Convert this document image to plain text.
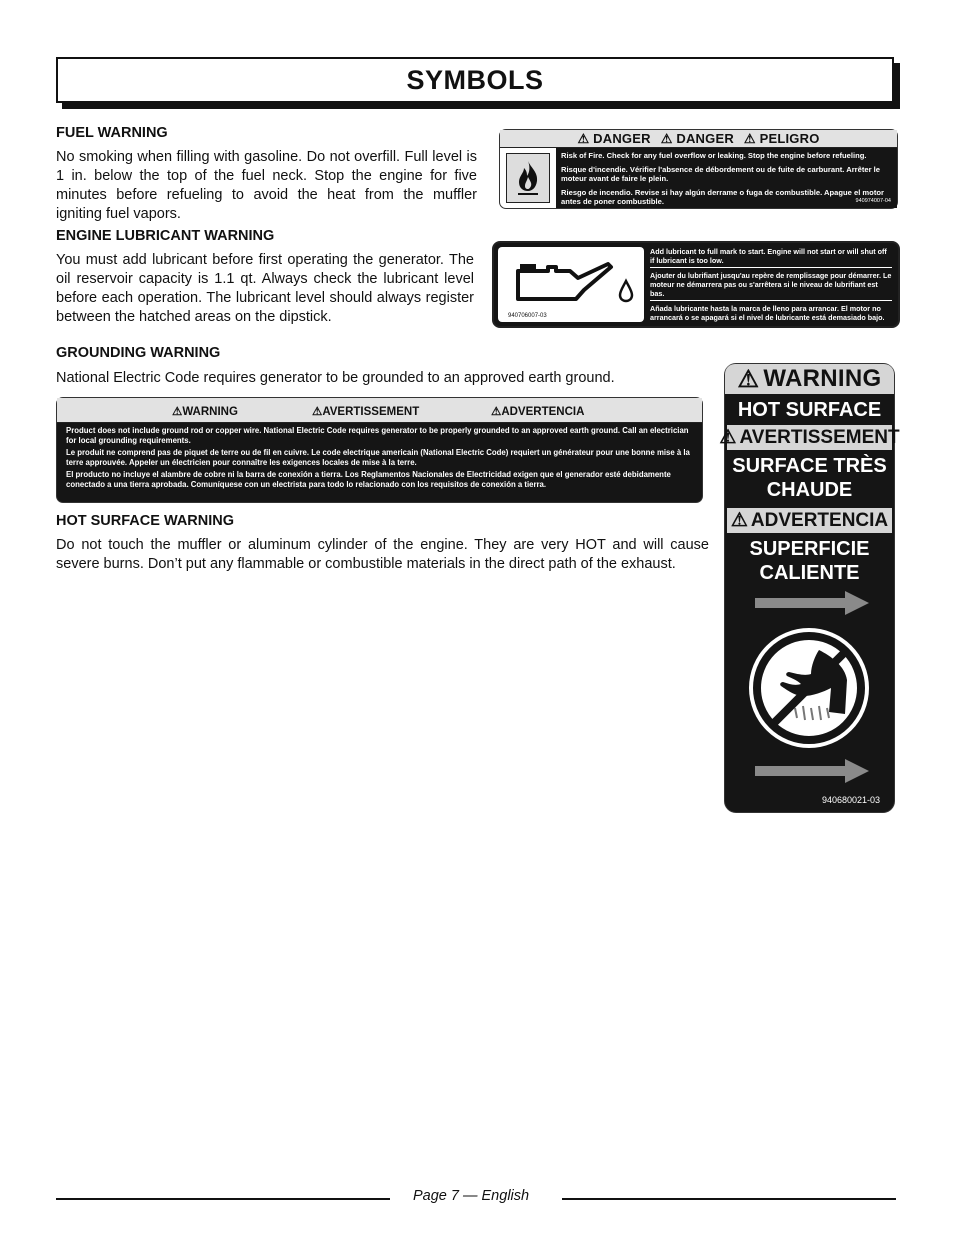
SYMBOLS
FUEL WARNING
No smoking when filling with gasoline. Do not overfill. Full level is 1 in. below the top of the fuel neck. Stop the engine for five minutes before refueling to avoid the heat from the muffler igniting fuel vapors.
⚠ DANGER ⚠ DANGER ⚠ PELIGRO
Risk of Fire. Check for any fuel overflow or leaking. Stop the engine before refueling.
Risque d'incendie. Vérifier l'absence de débordement ou de fuite de carburant. Arrêter le moteur avant de faire le plein.
Riesgo de incendio. Revise si hay algún derrame o fuga de combustible. Apague el motor antes de poner combustible.	940974007-04
ENGINE LUBRICANT WARNING
You must add lubricant before first operating the generator. The oil reservoir capacity is 1.1 qt. Always check the lubricant level before each operation. The lubricant level should always register between the hatched areas on the dipstick.	940706007-03
Add lubricant to full mark to start. Engine will not start or will shut off if lubricant is too low.
Ajouter du lubrifiant jusqu'au repère de remplissage pour démarrer. Le moteur ne démarrera pas ou s'arrêtera si le niveau de lubrifiant est bas.
Añada lubricante hasta la marca de lleno para arrancar. El motor no arrancará o se apagará si el nivel de lubricante está demasiado bajo.
GROUNDING WARNING
National Electric Code requires generator to be grounded to an approved earth ground.
⚠WARNING	⚠AVERTISSEMENT	⚠ADVERTENCIA
Product does not include ground rod or copper wire. National Electric Code requires generator to be properly grounded to an approved earth ground. Call an electrician for local grounding requirements.
Le produit ne comprend pas de piquet de terre ou de fil en cuivre. Le code electrique americain (National Electric Code) requiert un générateur pour une bonne mise à la terre approuvée. Appeler un électricien pour connaître les exigences locales de mise à la terre.
El producto no incluye el alambre de cobre ni la barra de conexión a tierra. Los Reglamentos Nacionales de Electricidad exigen que el generador esté debidamente conectado a una tierra aprobada. Comuníquese con un electrista para todo lo relacionado con los requisitos de conexión a tierra.
HOT SURFACE WARNING
Do not touch the muffler or aluminum cylinder of the engine. They are very HOT and will cause severe burns. Don’t put any flammable or combustible materials in the direct path of the exhaust.
⚠ WARNING
HOT SURFACE
⚠ AVERTISSEMENT
SURFACE TRÈS
CHAUDE
⚠ ADVERTENCIA
SUPERFICIE
CALIENTE
940680021-03
Page 7 — English
